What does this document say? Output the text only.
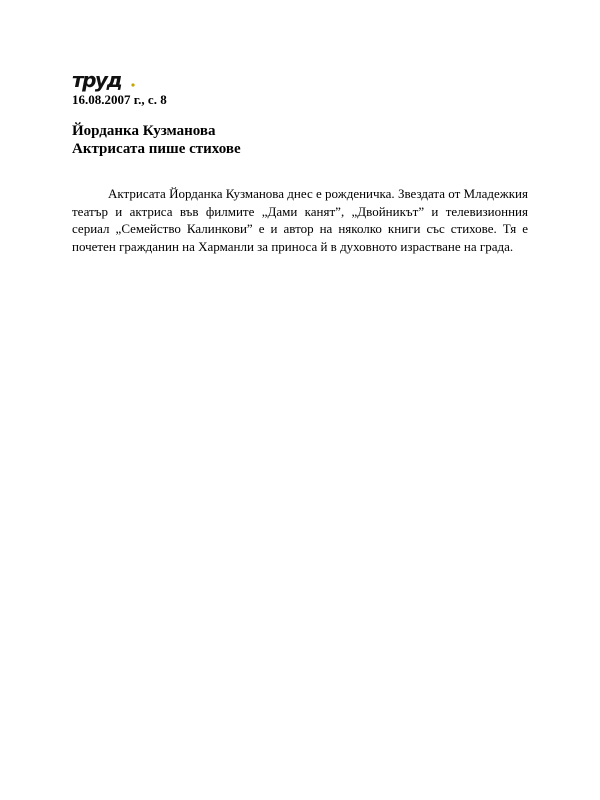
труд
16.08.2007 г., с. 8
Йорданка Кузманова
Актрисата пише стихове

Актрисата Йорданка Кузманова днес е рожденичка. Звездата от Младежкия театър и актриса във филмите „Дами канят”, „Двойникът” и телевизионния сериал „Семейство Калинкови” е и автор на няколко книги със стихове. Тя е почетен гражданин на Харманли за приноса й в духовното израстване на града.
